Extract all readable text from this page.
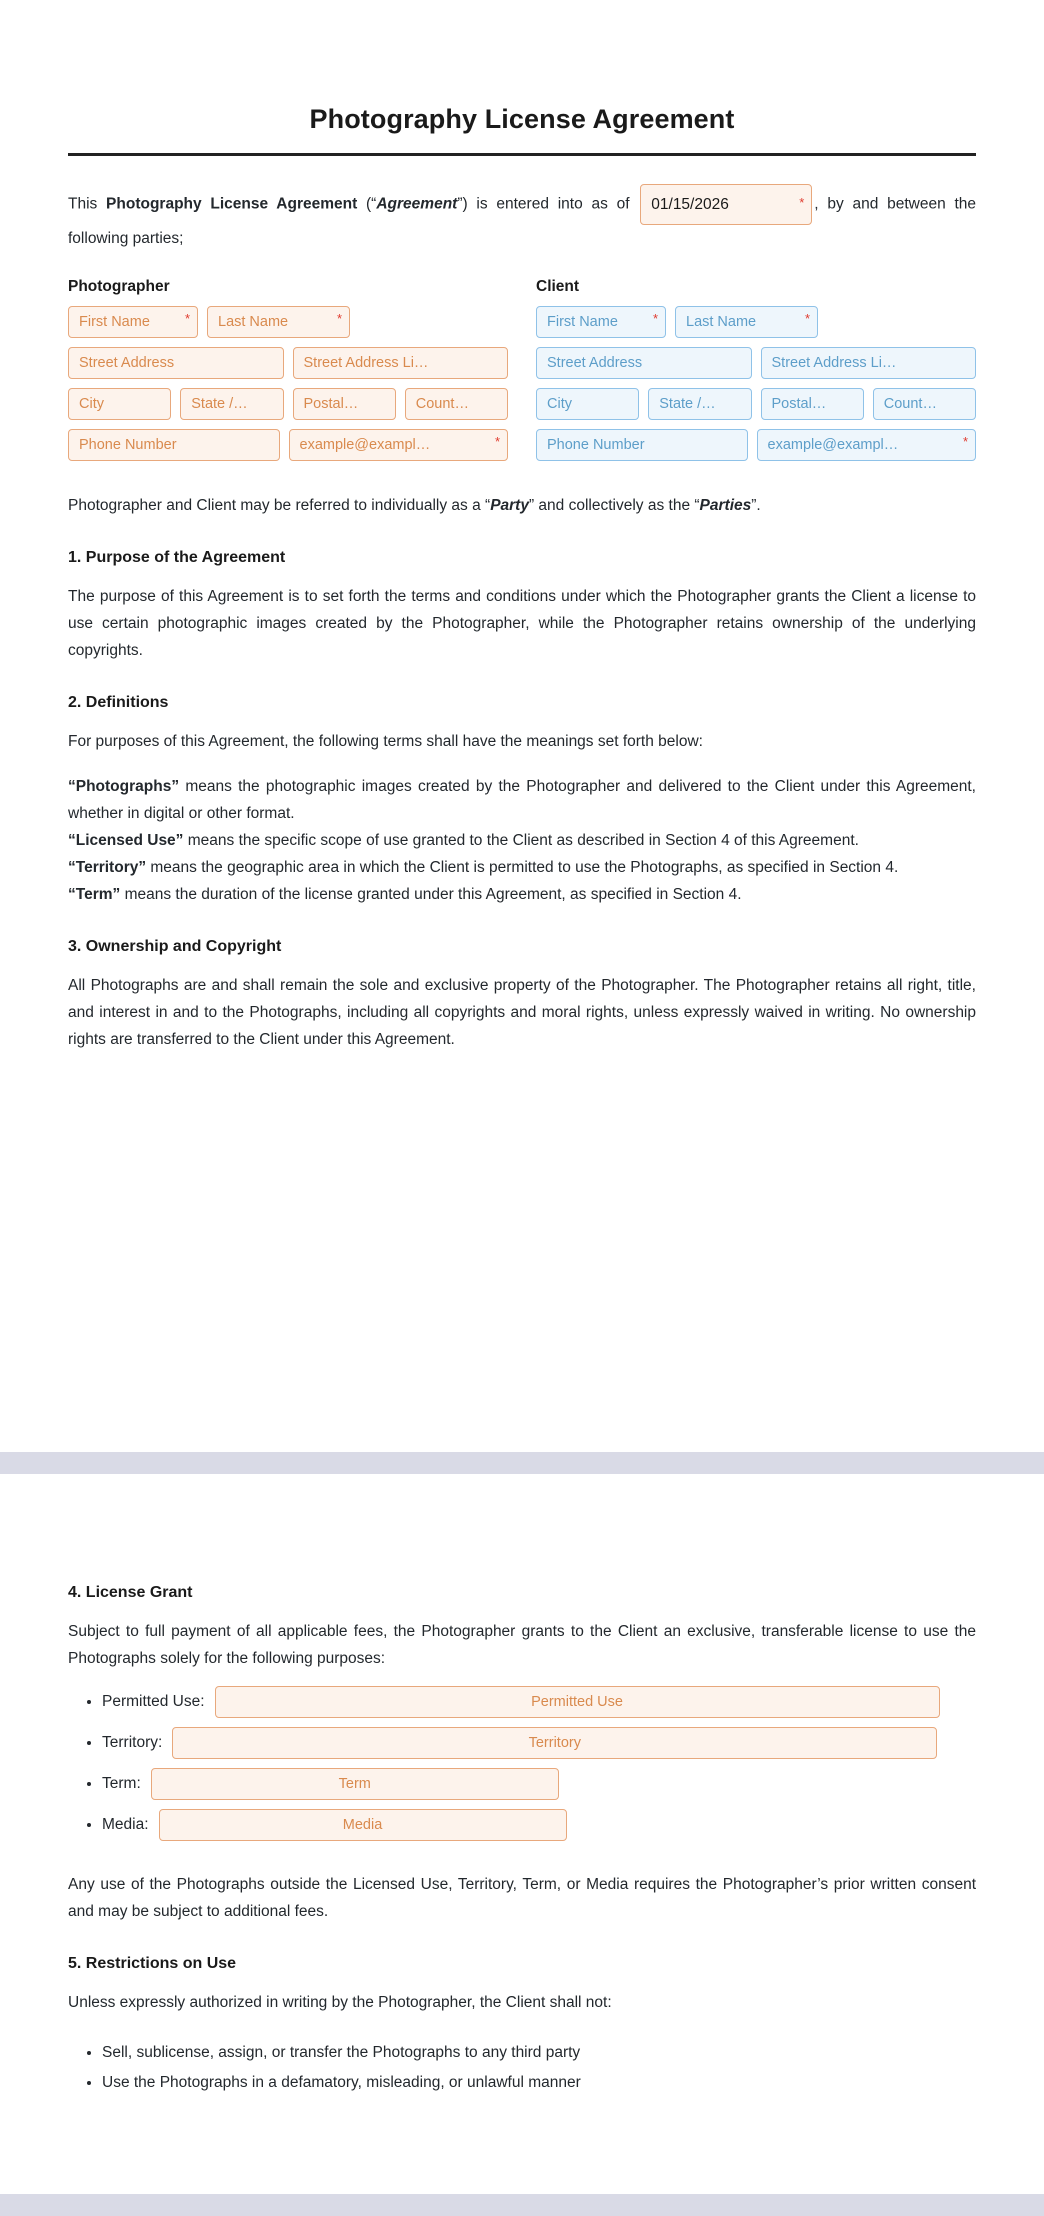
Photography License Agreement

This Photography License Agreement (“Agreement”) is entered into as of 01/15/2026	* , by and between the following parties;

Photographer
First Name	*	Last Name	*
Street Address	Street Address Li…
City	State /…	Postal…	Count…
Phone Number	example@exampl…	*
Client
First Name	*	Last Name	*
Street Address	Street Address Li…
City	State /…	Postal…	Count…
Phone Number	example@exampl…	*

Photographer and Client may be referred to individually as a “Party” and collectively as the “Parties”.

1. Purpose of the Agreement

The purpose of this Agreement is to set forth the terms and conditions under which the Photographer grants the Client a license to use certain photographic images created by the Photographer, while the Photographer retains ownership of the underlying copyrights.

2. Definitions

For purposes of this Agreement, the following terms shall have the meanings set forth below:

“Photographs” means the photographic images created by the Photographer and delivered to the Client under this Agreement, whether in digital or other format.
“Licensed Use” means the specific scope of use granted to the Client as described in Section 4 of this Agreement.
“Territory” means the geographic area in which the Client is permitted to use the Photographs, as specified in Section 4.
“Term” means the duration of the license granted under this Agreement, as specified in Section 4.
3. Ownership and Copyright

All Photographs are and shall remain the sole and exclusive property of the Photographer. The Photographer retains all right, title, and interest in and to the Photographs, including all copyrights and moral rights, unless expressly waived in writing. No ownership rights are transferred to the Client under this Agreement.

4. License Grant

Subject to full payment of all applicable fees, the Photographer grants to the Client an exclusive, transferable license to use the Photographs solely for the following purposes:

• Permitted Use:	Permitted Use
• Territory:	Territory
• Term:	Term
• Media:	Media

Any use of the Photographs outside the Licensed Use, Territory, Term, or Media requires the Photographer’s prior written consent and may be subject to additional fees.

5. Restrictions on Use

Unless expressly authorized in writing by the Photographer, the Client shall not:

• Sell, sublicense, assign, or transfer the Photographs to any third party
• Use the Photographs in a defamatory, misleading, or unlawful manner
